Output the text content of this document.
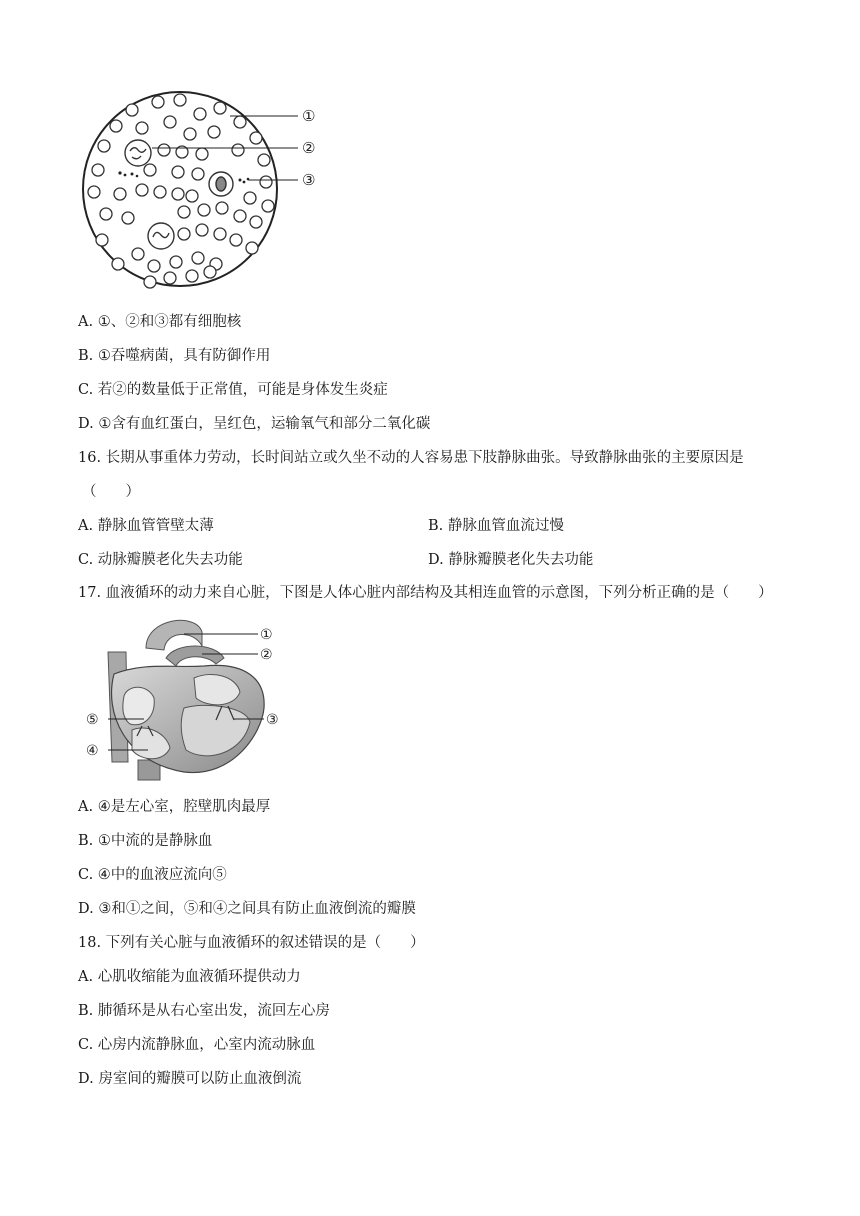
①
②
③
A. ①、②和③都有细胞核
B. ①吞噬病菌，具有防御作用
C. 若②的数量低于正常值，可能是身体发生炎症
D. ①含有血红蛋白，呈红色，运输氧气和部分二氧化碳
16. 长期从事重体力劳动，长时间站立或久坐不动的人容易患下肢静脉曲张。导致静脉曲张的主要原因是
（　　）
A. 静脉血管管壁太薄	B. 静脉血管血流过慢
C. 动脉瓣膜老化失去功能	D. 静脉瓣膜老化失去功能
17. 血液循环的动力来自心脏，下图是人体心脏内部结构及其相连血管的示意图，下列分析正确的是（　　）
①
②
③
⑤
④
A. ④是左心室，腔壁肌肉最厚
B. ①中流的是静脉血
C. ④中的血液应流向⑤
D. ③和①之间，⑤和④之间具有防止血液倒流的瓣膜
18. 下列有关心脏与血液循环的叙述错误的是（　　）
A. 心肌收缩能为血液循环提供动力
B. 肺循环是从右心室出发，流回左心房
C. 心房内流静脉血，心室内流动脉血
D. 房室间的瓣膜可以防止血液倒流
